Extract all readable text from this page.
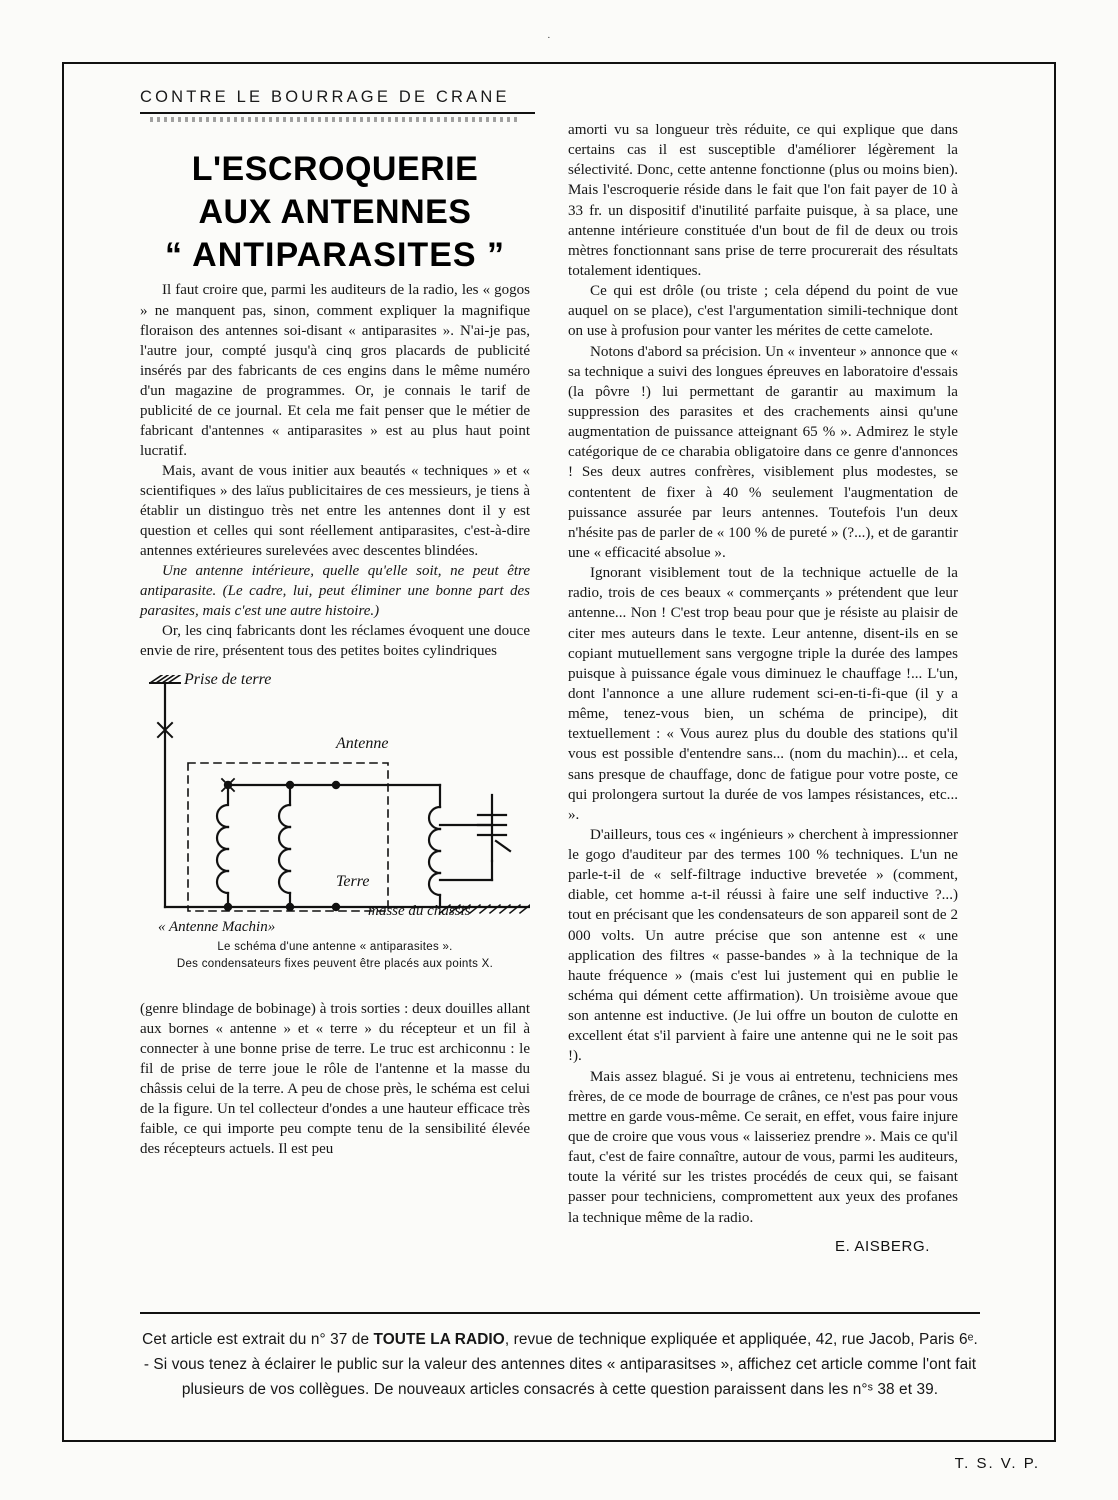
·
CONTRE LE BOURRAGE DE CRANE
L'ESCROQUERIE
AUX ANTENNES
“ ANTIPARASITES ”

Il faut croire que, parmi les auditeurs de la radio, les « gogos » ne manquent pas, sinon, comment expliquer la magnifique floraison des antennes soi-disant « antiparasites ». N'ai-je pas, l'autre jour, compté jusqu'à cinq gros placards de publicité insérés par des fabricants de ces engins dans le même numéro d'un magazine de programmes. Or, je connais le tarif de publicité de ce journal. Et cela me fait penser que le métier de fabricant d'antennes « antiparasites » est au plus haut point lucratif.

Mais, avant de vous initier aux beautés « techniques » et « scientifiques » des laïus publicitaires de ces messieurs, je tiens à établir un distinguo très net entre les antennes dont il y est question et celles qui sont réellement antiparasites, c'est-à-dire antennes extérieures surelevées avec descentes blindées.

Une antenne intérieure, quelle qu'elle soit, ne peut être antiparasite. (Le cadre, lui, peut éliminer une bonne part des parasites, mais c'est une autre histoire.)

Or, les cinq fabricants dont les réclames évoquent une douce envie de rire, présentent tous des petites boites cylindriques

Prise de terre
Antenne
Terre
masse du chassis
« Antenne Machin»
Le schéma d'une antenne « antiparasites ».
Des condensateurs fixes peuvent être placés aux points X.

(genre blindage de bobinage) à trois sorties : deux douilles allant aux bornes « antenne » et « terre » du récepteur et un fil à connecter à une bonne prise de terre. Le truc est archiconnu : le fil de prise de terre joue le rôle de l'antenne et la masse du châssis celui de la terre. A peu de chose près, le schéma est celui de la figure. Un tel collecteur d'ondes a une hauteur efficace très faible, ce qui importe peu compte tenu de la sensibilité élevée des récepteurs actuels. Il est peu

amorti vu sa longueur très réduite, ce qui explique que dans certains cas il est susceptible d'améliorer légèrement la sélectivité. Donc, cette antenne fonctionne (plus ou moins bien). Mais l'escroquerie réside dans le fait que l'on fait payer de 10 à 33 fr. un dispositif d'inutilité parfaite puisque, à sa place, une antenne intérieure constituée d'un bout de fil de deux ou trois mètres fonctionnant sans prise de terre procurerait des résultats totalement identiques.

Ce qui est drôle (ou triste ; cela dépend du point de vue auquel on se place), c'est l'argumentation simili-technique dont on use à profusion pour vanter les mérites de cette camelote.

Notons d'abord sa précision. Un « inventeur » annonce que « sa technique a suivi des longues épreuves en laboratoire d'essais (la pôvre !) lui permettant de garantir au maximum la suppression des parasites et des crachements ainsi qu'une augmentation de puissance atteignant 65 % ». Admirez le style catégorique de ce charabia obligatoire dans ce genre d'annonces ! Ses deux autres confrères, visiblement plus modestes, se contentent de fixer à 40 % seulement l'augmentation de puissance assurée par leurs antennes. Toutefois l'un deux n'hésite pas de parler de « 100 % de pureté » (?...), et de garantir une « efficacité absolue ».

Ignorant visiblement tout de la technique actuelle de la radio, trois de ces beaux « commerçants » prétendent que leur antenne... Non ! C'est trop beau pour que je résiste au plaisir de citer mes auteurs dans le texte. Leur antenne, disent-ils en se copiant mutuellement sans vergogne triple la durée des lampes puisque à puissance égale vous diminuez le chauffage !... L'un, dont l'annonce a une allure rudement sci-en-ti-fi-que (il y a même, tenez-vous bien, un schéma de principe), dit textuellement : « Vous aurez plus du double des stations qu'il vous est possible d'entendre sans... (nom du machin)... et cela, sans presque de chauffage, donc de fatigue pour votre poste, ce qui prolongera surtout la durée de vos lampes résistances, etc... ».

D'ailleurs, tous ces « ingénieurs » cherchent à impressionner le gogo d'auditeur par des termes 100 % techniques. L'un ne parle-t-il de « self-filtrage inductive brevetée » (comment, diable, cet homme a-t-il réussi à faire une self inductive ?...) tout en précisant que les condensateurs de son appareil sont de 2 000 volts. Un autre précise que son antenne est « une application des filtres « passe-bandes » à la technique de la haute fréquence » (mais c'est lui justement qui en publie le schéma qui dément cette affirmation). Un troisième avoue que son antenne est inductive. (Je lui offre un bouton de culotte en excellent état s'il parvient à faire une antenne qui ne le soit pas !).

Mais assez blagué. Si je vous ai entretenu, techniciens mes frères, de ce mode de bourrage de crânes, ce n'est pas pour vous mettre en garde vous-même. Ce serait, en effet, vous faire injure que de croire que vous vous « laisseriez prendre ». Mais ce qu'il faut, c'est de faire connaître, autour de vous, parmi les auditeurs, toute la vérité sur les tristes procédés de ceux qui, se faisant passer pour techniciens, compromettent aux yeux des profanes la technique même de la radio.

E. AISBERG.

Cet article est extrait du n° 37 de TOUTE LA RADIO, revue de technique expliquée et appliquée, 42, rue Jacob, Paris 6ᵉ. - Si vous tenez à éclairer le public sur la valeur des antennes dites « antiparasitses », affichez cet article comme l'ont fait plusieurs de vos collègues. De nouveaux articles consacrés à cette question paraissent dans les n°ˢ 38 et 39.

T. S. V. P.
